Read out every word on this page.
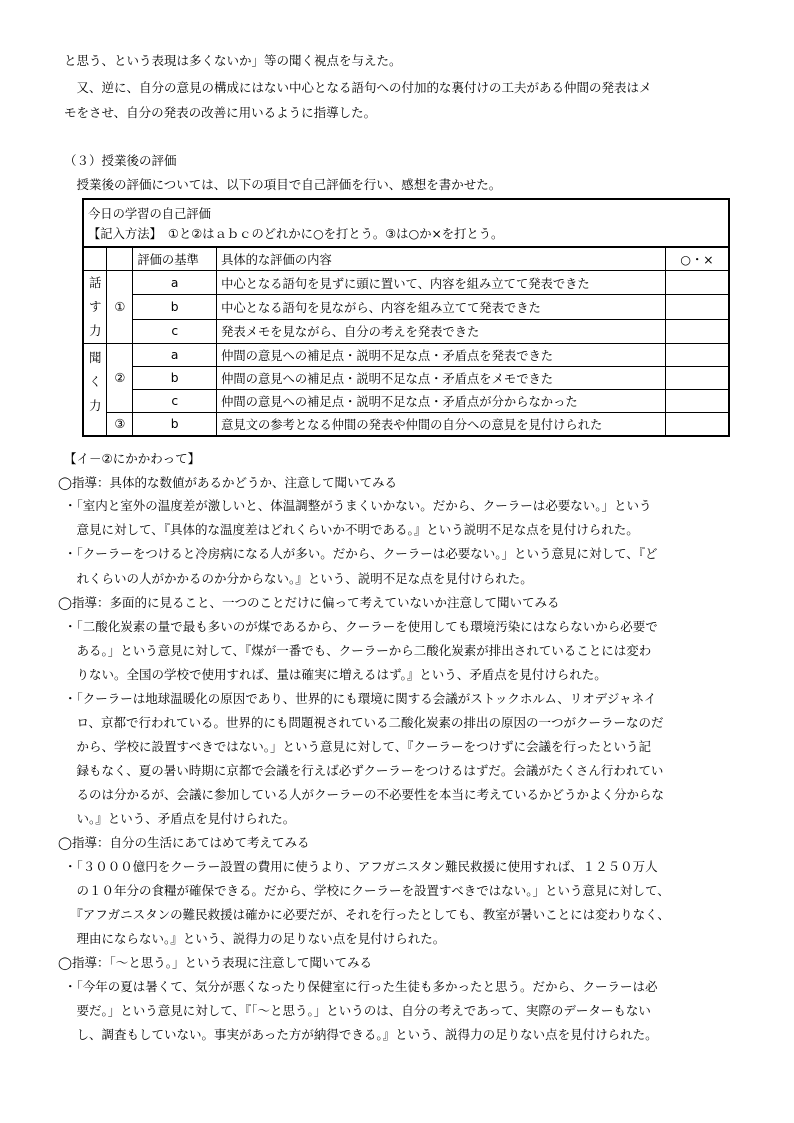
と思う、という表現は多くないか」等の聞く視点を与えた。
　又、逆に、自分の意見の構成にはない中心となる語句への付加的な裏付けの工夫がある仲間の発表はメ
モをさせ、自分の発表の改善に用いるように指導した。
（３）授業後の評価
　授業後の評価については、以下の項目で自己評価を行い、感想を書かせた。
今日の学習の自己評価
【記入方法】　①と②はａｂｃのどれかに○を打とう。③は○か×を打とう。				

		評価の基準	具体的な評価の内容	○・×

話
す
力	①	a	中心となる語句を見ずに頭に置いて、内容を組み立てて発表できた	
		b	中心となる語句を見ながら、内容を組み立てて発表できた	
		c	発表メモを見ながら、自分の考えを発表できた	

聞
く
力	②	a	仲間の意見への補足点・説明不足な点・矛盾点を発表できた	
		b	仲間の意見への補足点・説明不足な点・矛盾点をメモできた	
		c	仲間の意見への補足点・説明不足な点・矛盾点が分からなかった	
	③	b	意見文の参考となる仲間の発表や仲間の自分への意見を見付けられた	
【イ－②にかかわって】
◯指導：具体的な数値があるかどうか、注意して聞いてみる
・「室内と室外の温度差が激しいと、体温調整がうまくいかない。だから、クーラーは必要ない。」という
　意見に対して、『具体的な温度差はどれくらいか不明である。』という説明不足な点を見付けられた。
・「クーラーをつけると冷房病になる人が多い。だから、クーラーは必要ない。」という意見に対して、『ど
　れくらいの人がかかるのか分からない。』という、説明不足な点を見付けられた。
◯指導：多面的に見ること、一つのことだけに偏って考えていないか注意して聞いてみる
・「二酸化炭素の量で最も多いのが煤であるから、クーラーを使用しても環境汚染にはならないから必要で
　ある。」という意見に対して、『煤が一番でも、クーラーから二酸化炭素が排出されていることには変わ
　りない。全国の学校で使用すれば、量は確実に増えるはず。』という、矛盾点を見付けられた。
・「クーラーは地球温暖化の原因であり、世界的にも環境に関する会議がストックホルム、リオデジャネイ
　ロ、京都で行われている。世界的にも問題視されている二酸化炭素の排出の原因の一つがクーラーなのだ
　から、学校に設置すべきではない。」という意見に対して、『クーラーをつけずに会議を行ったという記
　録もなく、夏の暑い時期に京都で会議を行えば必ずクーラーをつけるはずだ。会議がたくさん行われてい
　るのは分かるが、会議に参加している人がクーラーの不必要性を本当に考えているかどうかよく分からな
　い。』という、矛盾点を見付けられた。
◯指導：自分の生活にあてはめて考えてみる
・「３０００億円をクーラー設置の費用に使うより、アフガニスタン難民救援に使用すれば、１２５０万人
　の１０年分の食糧が確保できる。だから、学校にクーラーを設置すべきではない。」という意見に対して、
　『アフガニスタンの難民救援は確かに必要だが、それを行ったとしても、教室が暑いことには変わりなく、
　理由にならない。』という、説得力の足りない点を見付けられた。
◯指導：「～と思う。」という表現に注意して聞いてみる
・「今年の夏は暑くて、気分が悪くなったり保健室に行った生徒も多かったと思う。だから、クーラーは必
　要だ。」という意見に対して、『「～と思う。」というのは、自分の考えであって、実際のデーターもない
　し、調査もしていない。事実があった方が納得できる。』という、説得力の足りない点を見付けられた。
